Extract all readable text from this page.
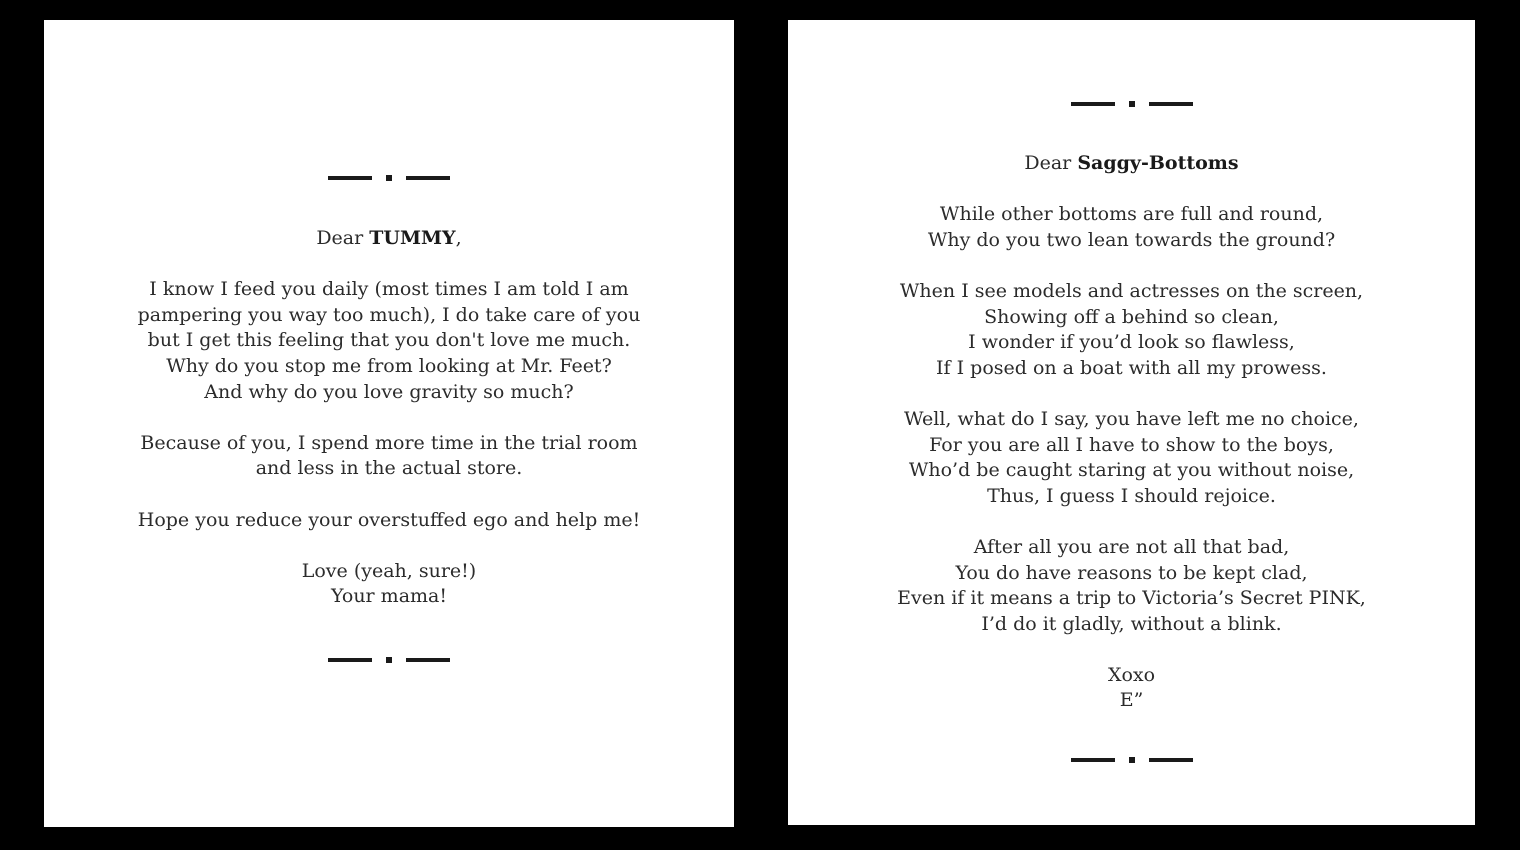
Dear TUMMY,

I know I feed you daily (most times I am told I am
pampering you way too much), I do take care of you
but I get this feeling that you don't love me much.
Why do you stop me from looking at Mr. Feet?
And why do you love gravity so much?

Because of you, I spend more time in the trial room
and less in the actual store.

Hope you reduce your overstuffed ego and help me!

Love (yeah, sure!)
Your mama!

Dear Saggy-Bottoms

While other bottoms are full and round,
Why do you two lean towards the ground?

When I see models and actresses on the screen,
Showing off a behind so clean,
I wonder if you’d look so flawless,
If I posed on a boat with all my prowess.

Well, what do I say, you have left me no choice,
For you are all I have to show to the boys,
Who’d be caught staring at you without noise,
Thus, I guess I should rejoice.

After all you are not all that bad,
You do have reasons to be kept clad,
Even if it means a trip to Victoria’s Secret PINK,
I’d do it gladly, without a blink.

Xoxo
E”
